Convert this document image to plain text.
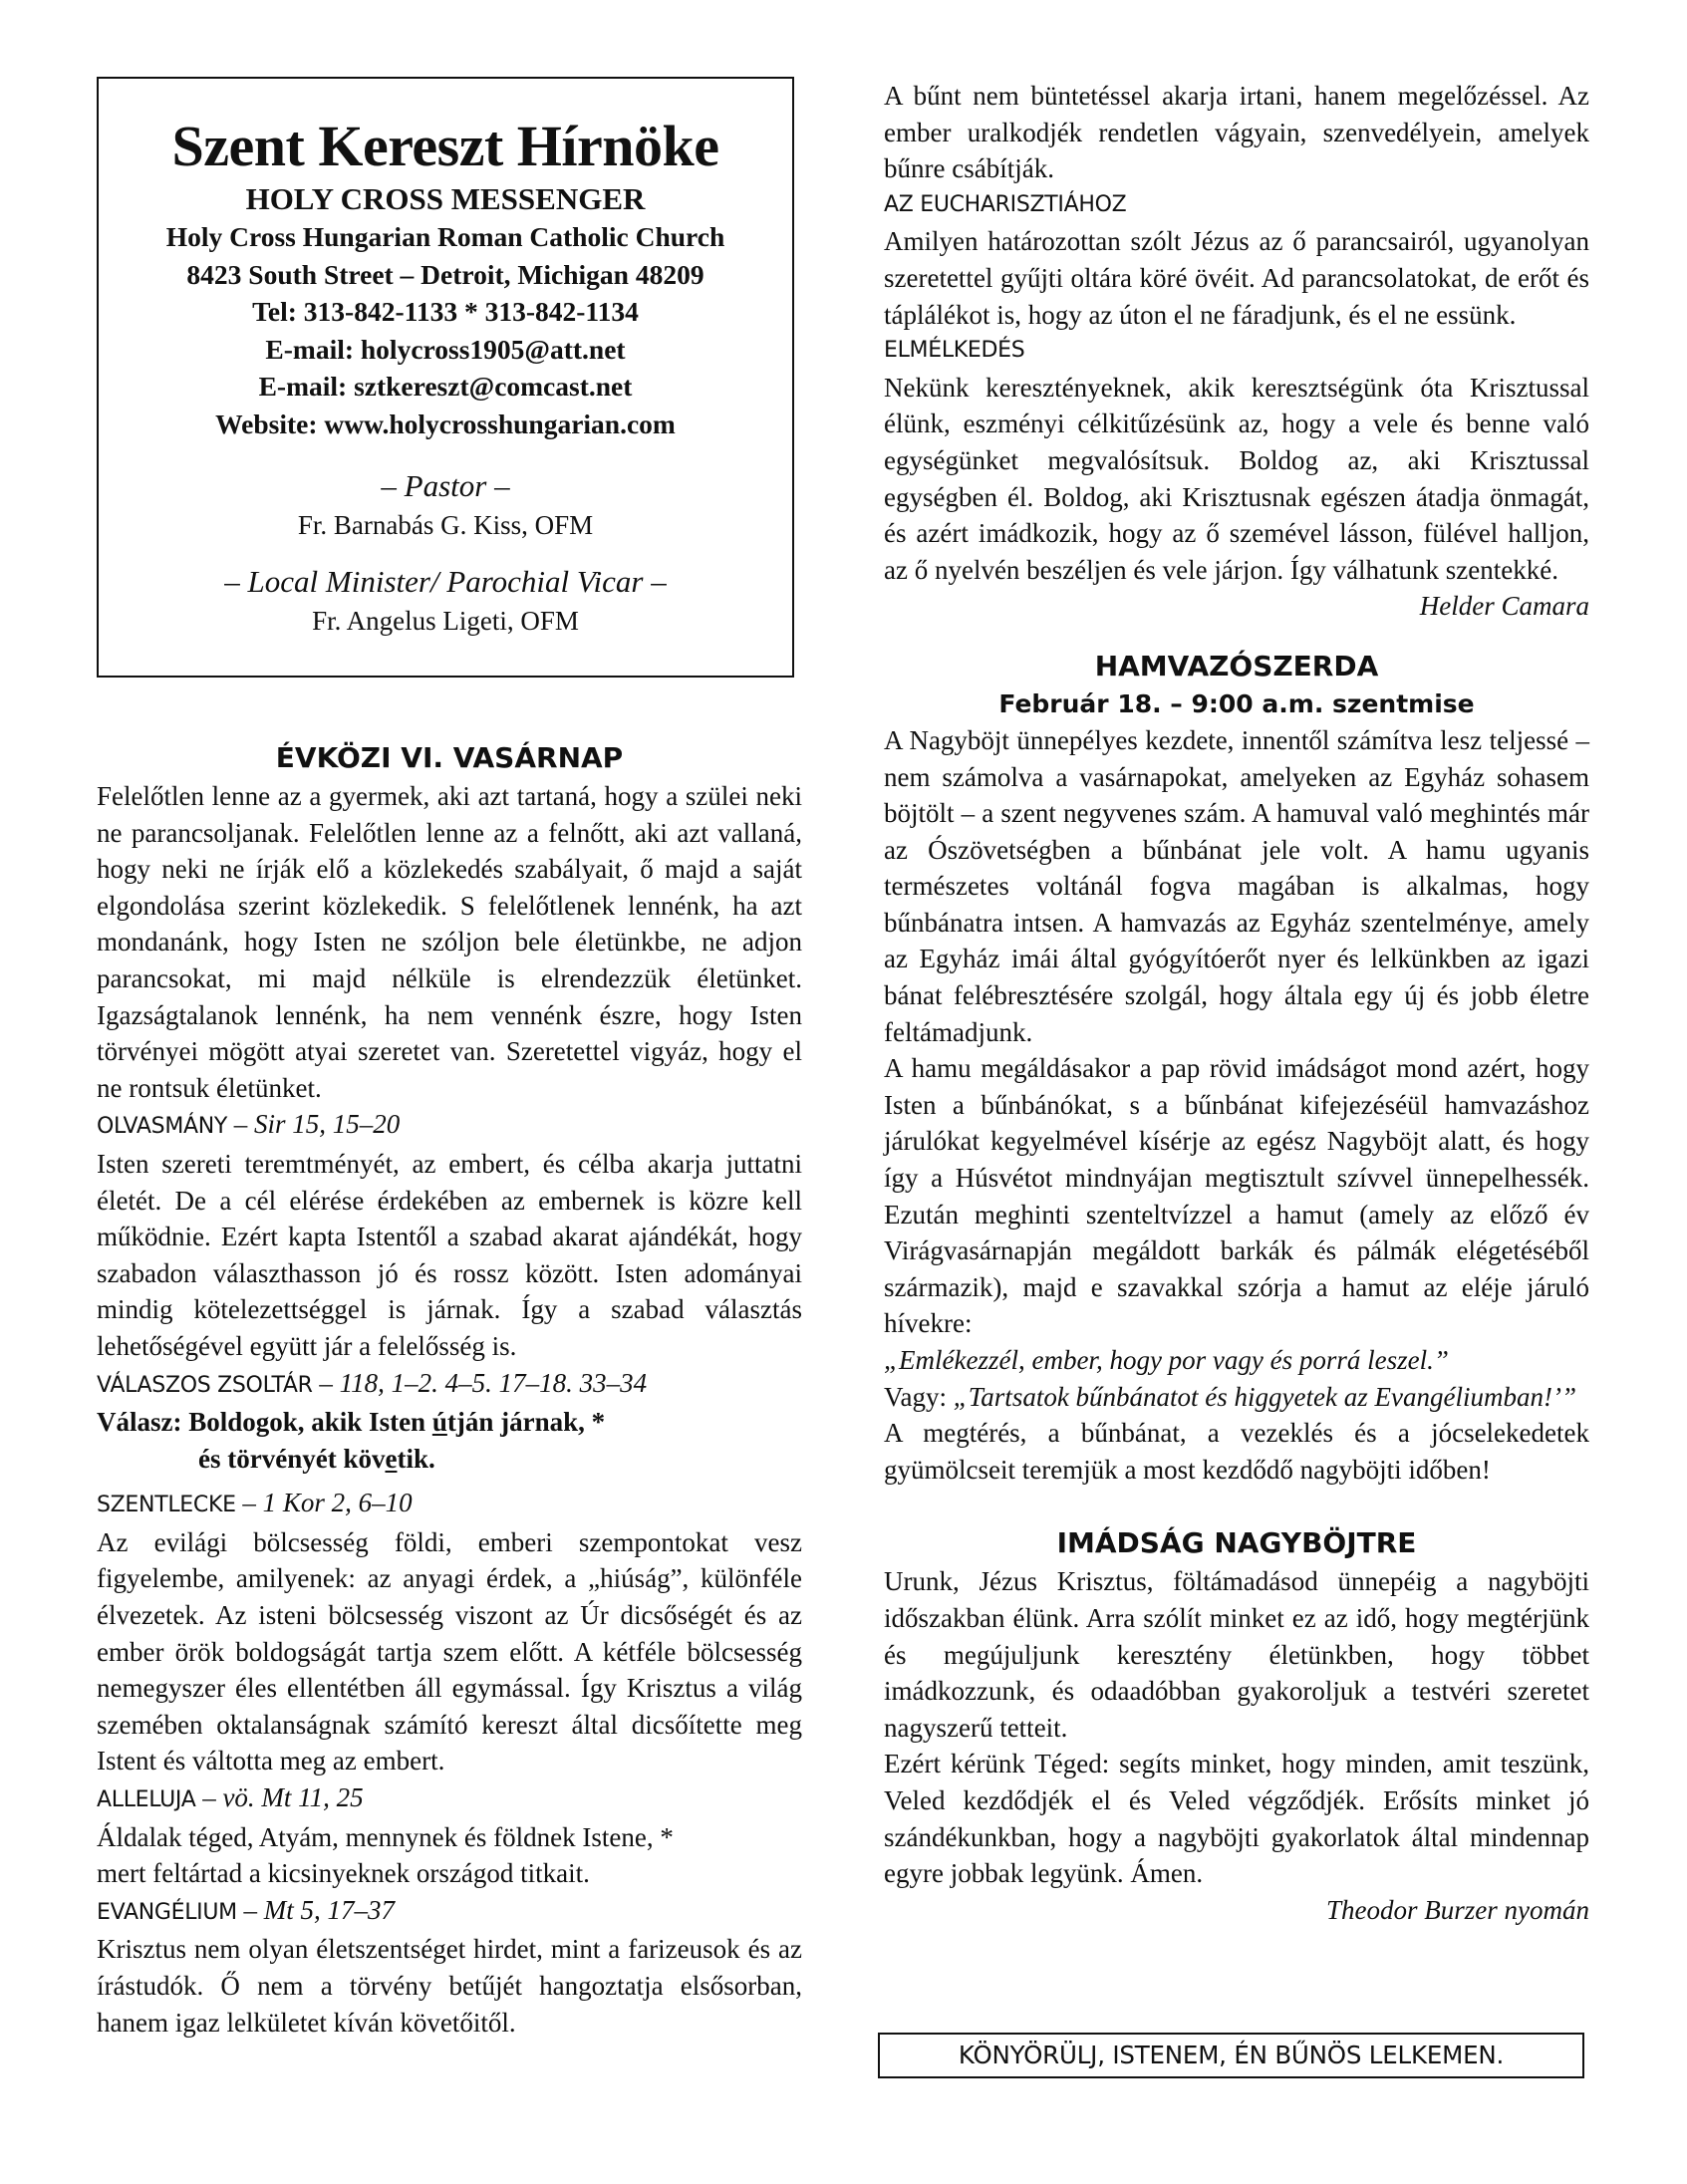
Szent Kereszt Hírnöke
HOLY CROSS MESSENGER
Holy Cross Hungarian Roman Catholic Church
8423 South Street – Detroit, Michigan 48209
Tel: 313-842-1133 * 313-842-1134
E-mail: holycross1905@att.net
E-mail: sztkereszt@comcast.net
Website: www.holycrosshungarian.com
– Pastor –
Fr. Barnabás G. Kiss, OFM
– Local Minister/ Parochial Vicar –
Fr. Angelus Ligeti, OFM
ÉVKÖZI VI. VASÁRNAP

Felelőtlen lenne az a gyermek, aki azt tartaná, hogy a szülei neki ne parancsoljanak. Felelőtlen lenne az a felnőtt, aki azt vallaná, hogy neki ne írják elő a közlekedés szabályait, ő majd a saját elgondolása szerint közlekedik. S felelőtlenek lennénk, ha azt mondanánk, hogy Isten ne szóljon bele életünkbe, ne adjon parancsokat, mi majd nélküle is elrendezzük életünket. Igazságtalanok lennénk, ha nem vennénk észre, hogy Isten törvényei mögött atyai szeretet van. Szeretettel vigyáz, hogy el ne rontsuk életünket.

OLVASMÁNY – Sir 15, 15–20

Isten szereti teremtményét, az embert, és célba akarja juttatni életét. De a cél elérése érdekében az embernek is közre kell működnie. Ezért kapta Istentől a szabad akarat ajándékát, hogy szabadon választhasson jó és rossz között. Isten adományai mindig kötelezettséggel is járnak. Így a szabad választás lehetőségével együtt jár a felelősség is.

VÁLASZOS ZSOLTÁR – 118, 1–2. 4–5. 17–18. 33–34

Válasz: Boldogok, akik Isten útján járnak, *
és törvényét követik.

SZENTLECKE – 1 Kor 2, 6–10

Az evilági bölcsesség földi, emberi szempontokat vesz figyelembe, amilyenek: az anyagi érdek, a „hiúság”, különféle élvezetek. Az isteni bölcsesség viszont az Úr dicsőségét és az ember örök boldogságát tartja szem előtt. A kétféle bölcsesség nemegyszer éles ellentétben áll egymással. Így Krisztus a világ szemében oktalanságnak számító kereszt által dicsőítette meg Istent és váltotta meg az embert.

ALLELUJA – vö. Mt 11, 25

Áldalak téged, Atyám, mennynek és földnek Istene, *

mert feltártad a kicsinyeknek országod titkait.

EVANGÉLIUM – Mt 5, 17–37

Krisztus nem olyan életszentséget hirdet, mint a farizeusok és az írástudók. Ő nem a törvény betűjét hangoztatja elsősorban, hanem igaz lelkületet kíván követőitől.

A bűnt nem büntetéssel akarja irtani, hanem megelőzéssel. Az ember uralkodjék rendetlen vágyain, szenvedélyein, amelyek bűnre csábítják.

AZ EUCHARISZTIÁHOZ

Amilyen határozottan szólt Jézus az ő parancsairól, ugyanolyan szeretettel gyűjti oltára köré övéit. Ad parancsolatokat, de erőt és táplálékot is, hogy az úton el ne fáradjunk, és el ne essünk.

ELMÉLKEDÉS

Nekünk keresztényeknek, akik keresztségünk óta Krisztussal élünk, eszményi célkitűzésünk az, hogy a vele és benne való egységünket megvalósítsuk. Boldog az, aki Krisztussal egységben él. Boldog, aki Krisztusnak egészen átadja önmagát, és azért imádkozik, hogy az ő szemével lásson, fülével halljon, az ő nyelvén beszéljen és vele járjon. Így válhatunk szentekké.

Helder Camara

HAMVAZÓSZERDA

Február 18. – 9:00 a.m. szentmise

A Nagyböjt ünnepélyes kezdete, innentől számítva lesz teljessé – nem számolva a vasárnapokat, amelyeken az Egyház sohasem böjtölt – a szent negyvenes szám. A hamuval való meghintés már az Ószövetségben a bűnbánat jele volt. A hamu ugyanis természetes voltánál fogva magában is alkalmas, hogy bűnbánatra intsen. A hamvazás az Egyház szentelménye, amely az Egyház imái által gyógyítóerőt nyer és lelkünkben az igazi bánat felébresztésére szolgál, hogy általa egy új és jobb életre feltámadjunk.

A hamu megáldásakor a pap rövid imádságot mond azért, hogy Isten a bűnbánókat, s a bűnbánat kifejezéséül hamvazáshoz járulókat kegyelmével kísérje az egész Nagyböjt alatt, és hogy így a Húsvétot mindnyájan megtisztult szívvel ünnepelhessék. Ezután meghinti szenteltvízzel a hamut (amely az előző év Virágvasárnapján megáldott barkák és pálmák elégetéséből származik), majd e szavakkal szórja a hamut az eléje járuló hívekre:

„Emlékezzél, ember, hogy por vagy és porrá leszel.”

Vagy: „Tartsatok bűnbánatot és higgyetek az Evangéliumban!’”

A megtérés, a bűnbánat, a vezeklés és a jócselekedetek gyümölcseit teremjük a most kezdődő nagyböjti időben!

IMÁDSÁG NAGYBÖJTRE

Urunk, Jézus Krisztus, föltámadásod ünnepéig a nagyböjti időszakban élünk. Arra szólít minket ez az idő, hogy megtérjünk és megújuljunk keresztény életünkben, hogy többet imádkozzunk, és odaadóbban gyakoroljuk a testvéri szeretet nagyszerű tetteit.

Ezért kérünk Téged: segíts minket, hogy minden, amit teszünk, Veled kezdődjék el és Veled végződjék. Erősíts minket jó szándékunkban, hogy a nagyböjti gyakorlatok által mindennap egyre jobbak legyünk. Ámen.

Theodor Burzer nyomán

KÖNYÖRÜLJ, ISTENEM, ÉN BŰNÖS LELKEMEN.
